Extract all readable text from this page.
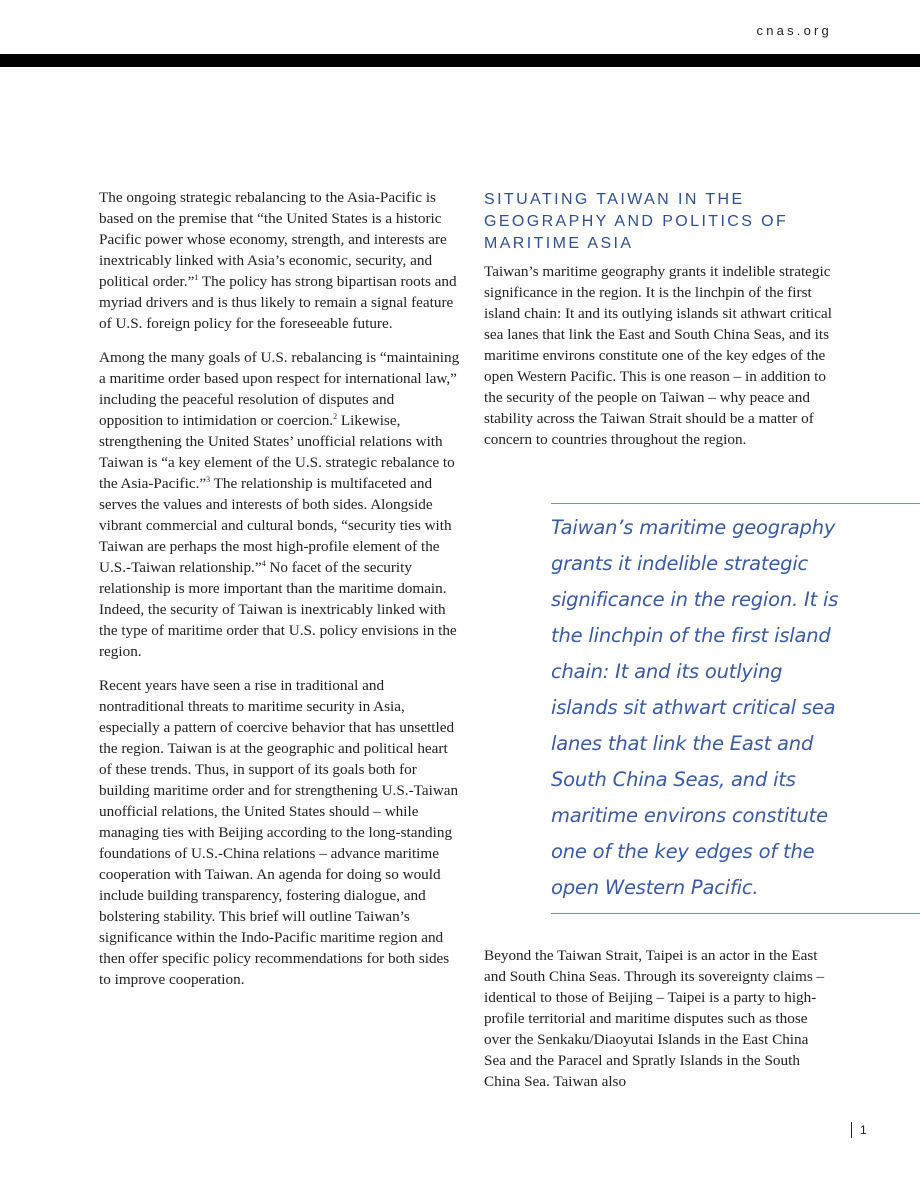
cnas.org

The ongoing strategic rebalancing to the Asia-Pacific is based on the premise that “the United States is a historic Pacific power whose economy, strength, and interests are inextricably linked with Asia’s economic, security, and political order.”$^1$ The policy has strong bipartisan roots and myriad drivers and is thus likely to remain a signal feature of U.S. foreign policy for the foreseeable future.

Among the many goals of U.S. rebalancing is “maintaining a maritime order based upon respect for international law,” including the peaceful resolution of disputes and opposition to intimidation or coercion.$^2$ Likewise, strengthening the United States’ unofficial relations with Taiwan is “a key element of the U.S. strategic rebalance to the Asia-Pacific.”$^3$ The relationship is multifaceted and serves the values and interests of both sides. Alongside vibrant commercial and cultural bonds, “security ties with Taiwan are perhaps the most high-profile element of the U.S.-Taiwan relationship.”$^4$ No facet of the security relationship is more important than the maritime domain. Indeed, the security of Taiwan is inextricably linked with the type of maritime order that U.S. policy envisions in the region.

Recent years have seen a rise in traditional and nontraditional threats to maritime security in Asia, especially a pattern of coercive behavior that has unsettled the region. Taiwan is at the geographic and political heart of these trends. Thus, in support of its goals both for building maritime order and for strengthening U.S.-Taiwan unofficial relations, the United States should – while managing ties with Beijing according to the long-standing foundations of U.S.-China relations – advance maritime cooperation with Taiwan. An agenda for doing so would include building transparency, fostering dialogue, and bolstering stability. This brief will outline Taiwan’s significance within the Indo-Pacific maritime region and then offer specific policy recommendations for both sides to improve cooperation.

SITUATING TAIWAN IN THE GEOGRAPHY AND POLITICS OF MARITIME ASIA

Taiwan’s maritime geography grants it indelible strategic significance in the region. It is the linchpin of the first island chain: It and its outlying islands sit athwart critical sea lanes that link the East and South China Seas, and its maritime environs constitute one of the key edges of the open Western Pacific. This is one reason – in addition to the security of the people on Taiwan – why peace and stability across the Taiwan Strait should be a matter of concern to countries throughout the region.

Taiwan’s maritime geography grants it indelible strategic significance in the region. It is the linchpin of the first island chain: It and its outlying islands sit athwart critical sea lanes that link the East and South China Seas, and its maritime environs constitute one of the key edges of the open Western Pacific.

Beyond the Taiwan Strait, Taipei is an actor in the East and South China Seas. Through its sovereignty claims – identical to those of Beijing – Taipei is a party to high-profile territorial and maritime disputes such as those over the Senkaku/Diaoyutai Islands in the East China Sea and the Paracel and Spratly Islands in the South China Sea. Taiwan also

1
